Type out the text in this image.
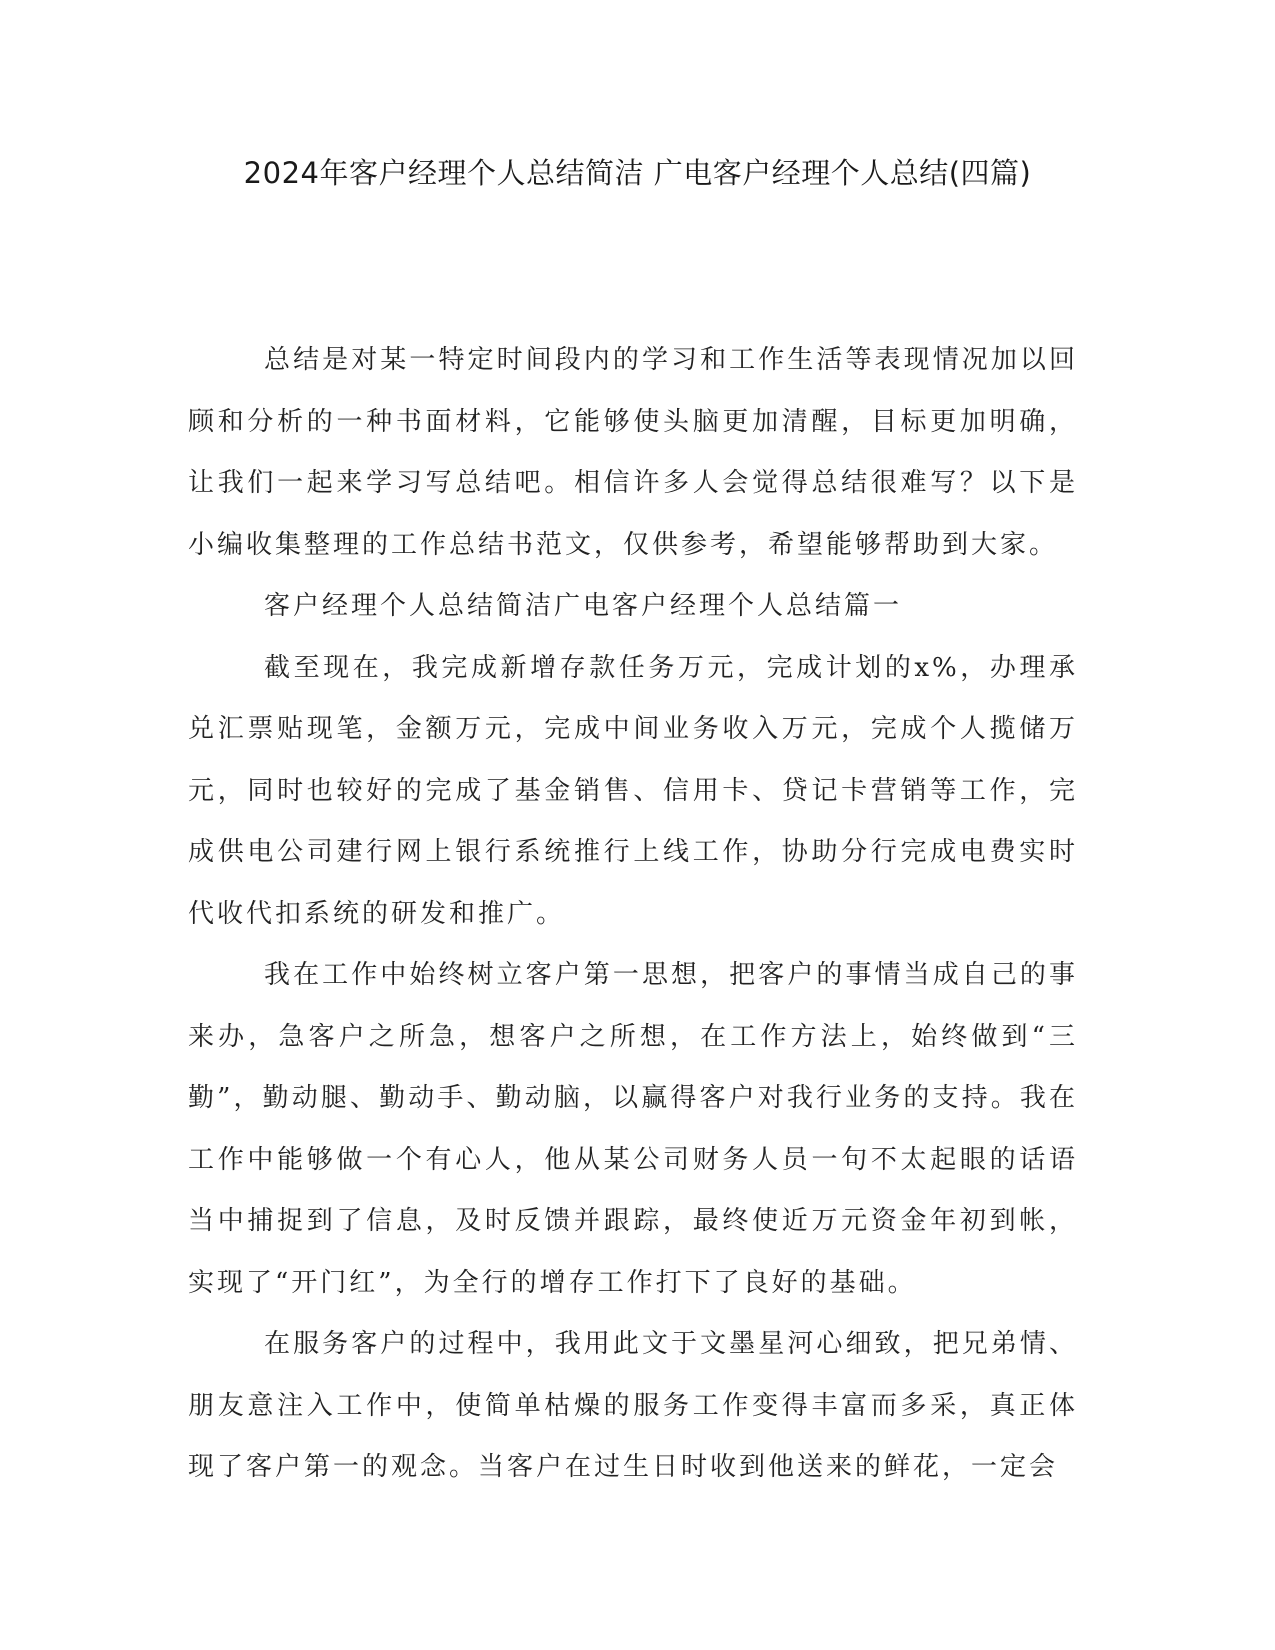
2024年客户经理个人总结简洁 广电客户经理个人总结(四篇)

总结是对某一特定时间段内的学习和工作生活等表现情况加以回顾和分析的一种书面材料，它能够使头脑更加清醒，目标更加明确，让我们一起来学习写总结吧。相信许多人会觉得总结很难写？以下是小编收集整理的工作总结书范文，仅供参考，希望能够帮助到大家。

客户经理个人总结简洁广电客户经理个人总结篇一

截至现在，我完成新增存款任务万元，完成计划的x%，办理承兑汇票贴现笔，金额万元，完成中间业务收入万元，完成个人揽储万元，同时也较好的完成了基金销售、信用卡、贷记卡营销等工作，完成供电公司建行网上银行系统推行上线工作，协助分行完成电费实时代收代扣系统的研发和推广。

我在工作中始终树立客户第一思想，把客户的事情当成自己的事来办，急客户之所急，想客户之所想，在工作方法上，始终做到“三勤”，勤动腿、勤动手、勤动脑，以赢得客户对我行业务的支持。我在工作中能够做一个有心人，他从某公司财务人员一句不太起眼的话语当中捕捉到了信息，及时反馈并跟踪，最终使近万元资金年初到帐，实现了“开门红”，为全行的增存工作打下了良好的基础。

在服务客户的过程中，我用此文于文墨星河心细致，把兄弟情、朋友意注入工作中，使简单枯燥的服务工作变得丰富而多采，真正体现了客户第一的观念。当客户在过生日时收到他送来的鲜花，一定会
